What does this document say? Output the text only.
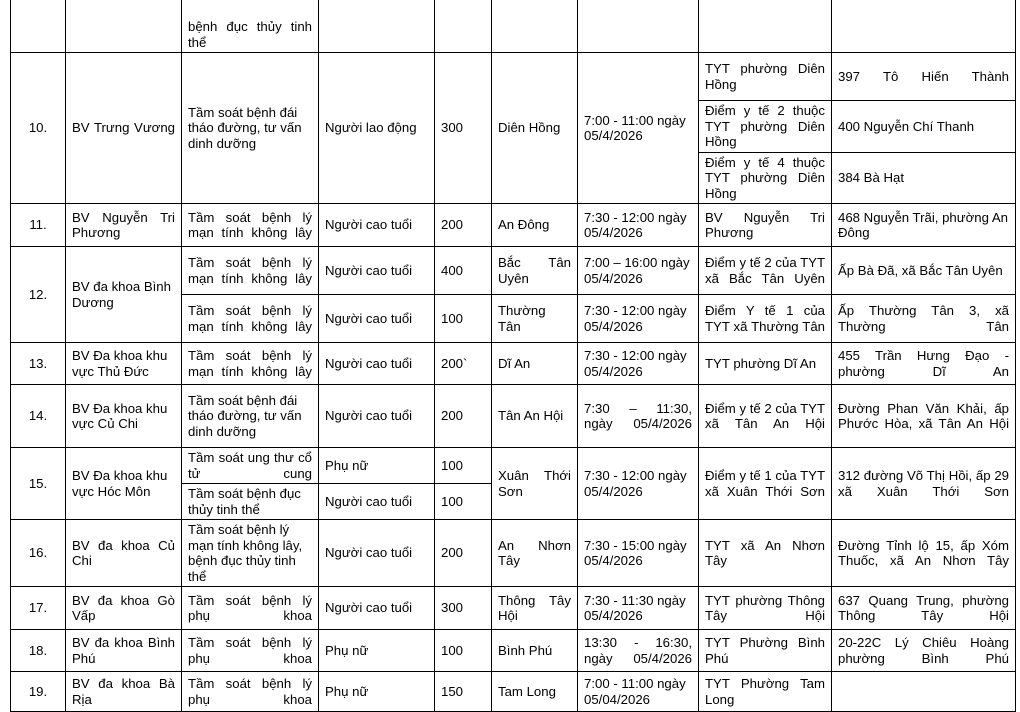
		bệnh đục thủy tinh thể						
10.	BV Trưng Vương	Tầm soát bệnh đái tháo đường, tư vấn dinh dưỡng	Người lao động	300	Diên Hồng	7:00 - 11:00 ngày 05/4/2026	TYT phường Diên Hồng	397 Tô Hiến Thành
							Điểm y tế 2 thuộc TYT phường Diên Hồng	400 Nguyễn Chí Thanh
							Điểm y tế 4 thuộc TYT phường Diên Hồng	384 Bà Hạt
11.	BV Nguyễn Tri Phương	Tầm soát bệnh lý mạn tính không lây	Người cao tuổi	200	An Đông	7:30 - 12:00 ngày 05/4/2026	BV Nguyễn Tri Phương	468 Nguyễn Trãi, phường An Đông
12.	BV đa khoa Bình Dương	Tầm soát bệnh lý mạn tính không lây	Người cao tuổi	400	Bắc Tân Uyên	7:00 – 16:00 ngày 05/4/2026	Điểm y tế 2 của TYT xã Bắc Tân Uyên	Ấp Bà Đã, xã Bắc Tân Uyên
		Tầm soát bệnh lý mạn tính không lây	Người cao tuổi	100	Thường Tân	7:30 - 12:00 ngày 05/4/2026	Điểm Y tế 1 của TYT xã Thường Tân	Ấp Thường Tân 3, xã Thường Tân
13.	BV Đa khoa khu vực Thủ Đức	Tầm soát bệnh lý mạn tính không lây	Người cao tuổi	200`	Dĩ An	7:30 - 12:00 ngày 05/4/2026	TYT phường Dĩ An	455 Trần Hưng Đạo - phường Dĩ An
14.	BV Đa khoa khu vực Củ Chi	Tầm soát bệnh đái tháo đường, tư vấn dinh dưỡng	Người cao tuổi	200	Tân An Hội	7:30 – 11:30, ngày 05/4/2026	Điểm y tế 2 của TYT xã Tân An Hội	Đường Phan Văn Khải, ấp Phước Hòa, xã Tân An Hội
15.	BV Đa khoa khu vực Hóc Môn	Tầm soát ung thư cổ tử cung	Phụ nữ	100	Xuân Thới Sơn	7:30 - 12:00 ngày 05/4/2026	Điểm y tế 1 của TYT xã Xuân Thới Sơn	312 đường Võ Thị Hồi, ấp 29 xã Xuân Thới Sơn
		Tầm soát bệnh đục thủy tinh thể	Người cao tuổi	100				
16.	BV đa khoa Củ Chi	Tầm soát bệnh lý mạn tính không lây, bệnh đục thủy tinh thể	Người cao tuổi	200	An Nhơn Tây	7:30 - 15:00 ngày 05/4/2026	TYT xã An Nhơn Tây	Đường Tỉnh lộ 15, ấp Xóm Thuốc, xã An Nhơn Tây
17.	BV đa khoa Gò Vấp	Tầm soát bệnh lý phụ khoa	Người cao tuổi	300	Thông Tây Hội	7:30 - 11:30 ngày 05/4/2026	TYT phường Thông Tây Hội	637 Quang Trung, phường Thông Tây Hội
18.	BV đa khoa Bình Phú	Tầm soát bệnh lý phụ khoa	Phụ nữ	100	Bình Phú	13:30 - 16:30, ngày 05/4/2026	TYT Phường Bình Phú	20-22C Lý Chiêu Hoàng phường Bình Phú
19.	BV đa khoa Bà Rịa	Tầm soát bệnh lý phụ khoa	Phụ nữ	150	Tam Long	7:00 - 11:00 ngày 05/04/2026	TYT Phường Tam Long	
